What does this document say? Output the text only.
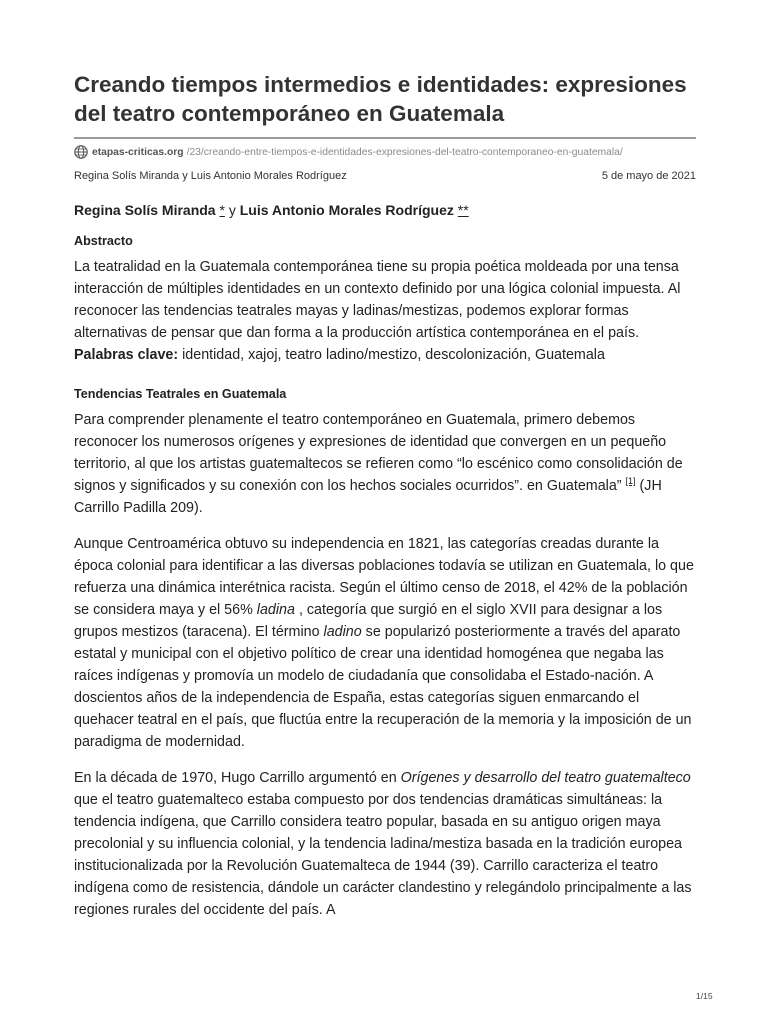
Creando tiempos intermedios e identidades: expresiones del teatro contemporáneo en Guatemala
etapas-criticas.org /23/creando-entre-tiempos-e-identidades-expresiones-del-teatro-contemporaneo-en-guatemala/
Regina Solís Miranda y Luis Antonio Morales Rodríguez	5 de mayo de 2021
Regina Solís Miranda * y Luis Antonio Morales Rodríguez **
Abstracto

La teatralidad en la Guatemala contemporánea tiene su propia poética moldeada por una tensa interacción de múltiples identidades en un contexto definido por una lógica colonial impuesta. Al reconocer las tendencias teatrales mayas y ladinas/mestizas, podemos explorar formas alternativas de pensar que dan forma a la producción artística contemporánea en el país.

Palabras clave: identidad, xajoj, teatro ladino/mestizo, descolonización, Guatemala

Tendencias Teatrales en Guatemala

Para comprender plenamente el teatro contemporáneo en Guatemala, primero debemos reconocer los numerosos orígenes y expresiones de identidad que convergen en un pequeño territorio, al que los artistas guatemaltecos se refieren como “lo escénico como consolidación de signos y significados y su conexión con los hechos sociales ocurridos”. en Guatemala” [1] (JH Carrillo Padilla 209).

Aunque Centroamérica obtuvo su independencia en 1821, las categorías creadas durante la época colonial para identificar a las diversas poblaciones todavía se utilizan en Guatemala, lo que refuerza una dinámica interétnica racista. Según el último censo de 2018, el 42% de la población se considera maya y el 56% ladina , categoría que surgió en el siglo XVII para designar a los grupos mestizos (taracena). El término ladino se popularizó posteriormente a través del aparato estatal y municipal con el objetivo político de crear una identidad homogénea que negaba las raíces indígenas y promovía un modelo de ciudadanía que consolidaba el Estado-nación. A doscientos años de la independencia de España, estas categorías siguen enmarcando el quehacer teatral en el país, que fluctúa entre la recuperación de la memoria y la imposición de un paradigma de modernidad.

En la década de 1970, Hugo Carrillo argumentó en Orígenes y desarrollo del teatro guatemalteco que el teatro guatemalteco estaba compuesto por dos tendencias dramáticas simultáneas: la tendencia indígena, que Carrillo considera teatro popular, basada en su antiguo origen maya precolonial y su influencia colonial, y la tendencia ladina/mestiza basada en la tradición europea institucionalizada por la Revolución Guatemalteca de 1944 (39). Carrillo caracteriza el teatro indígena como de resistencia, dándole un carácter clandestino y relegándolo principalmente a las regiones rurales del occidente del país. A

1/15
